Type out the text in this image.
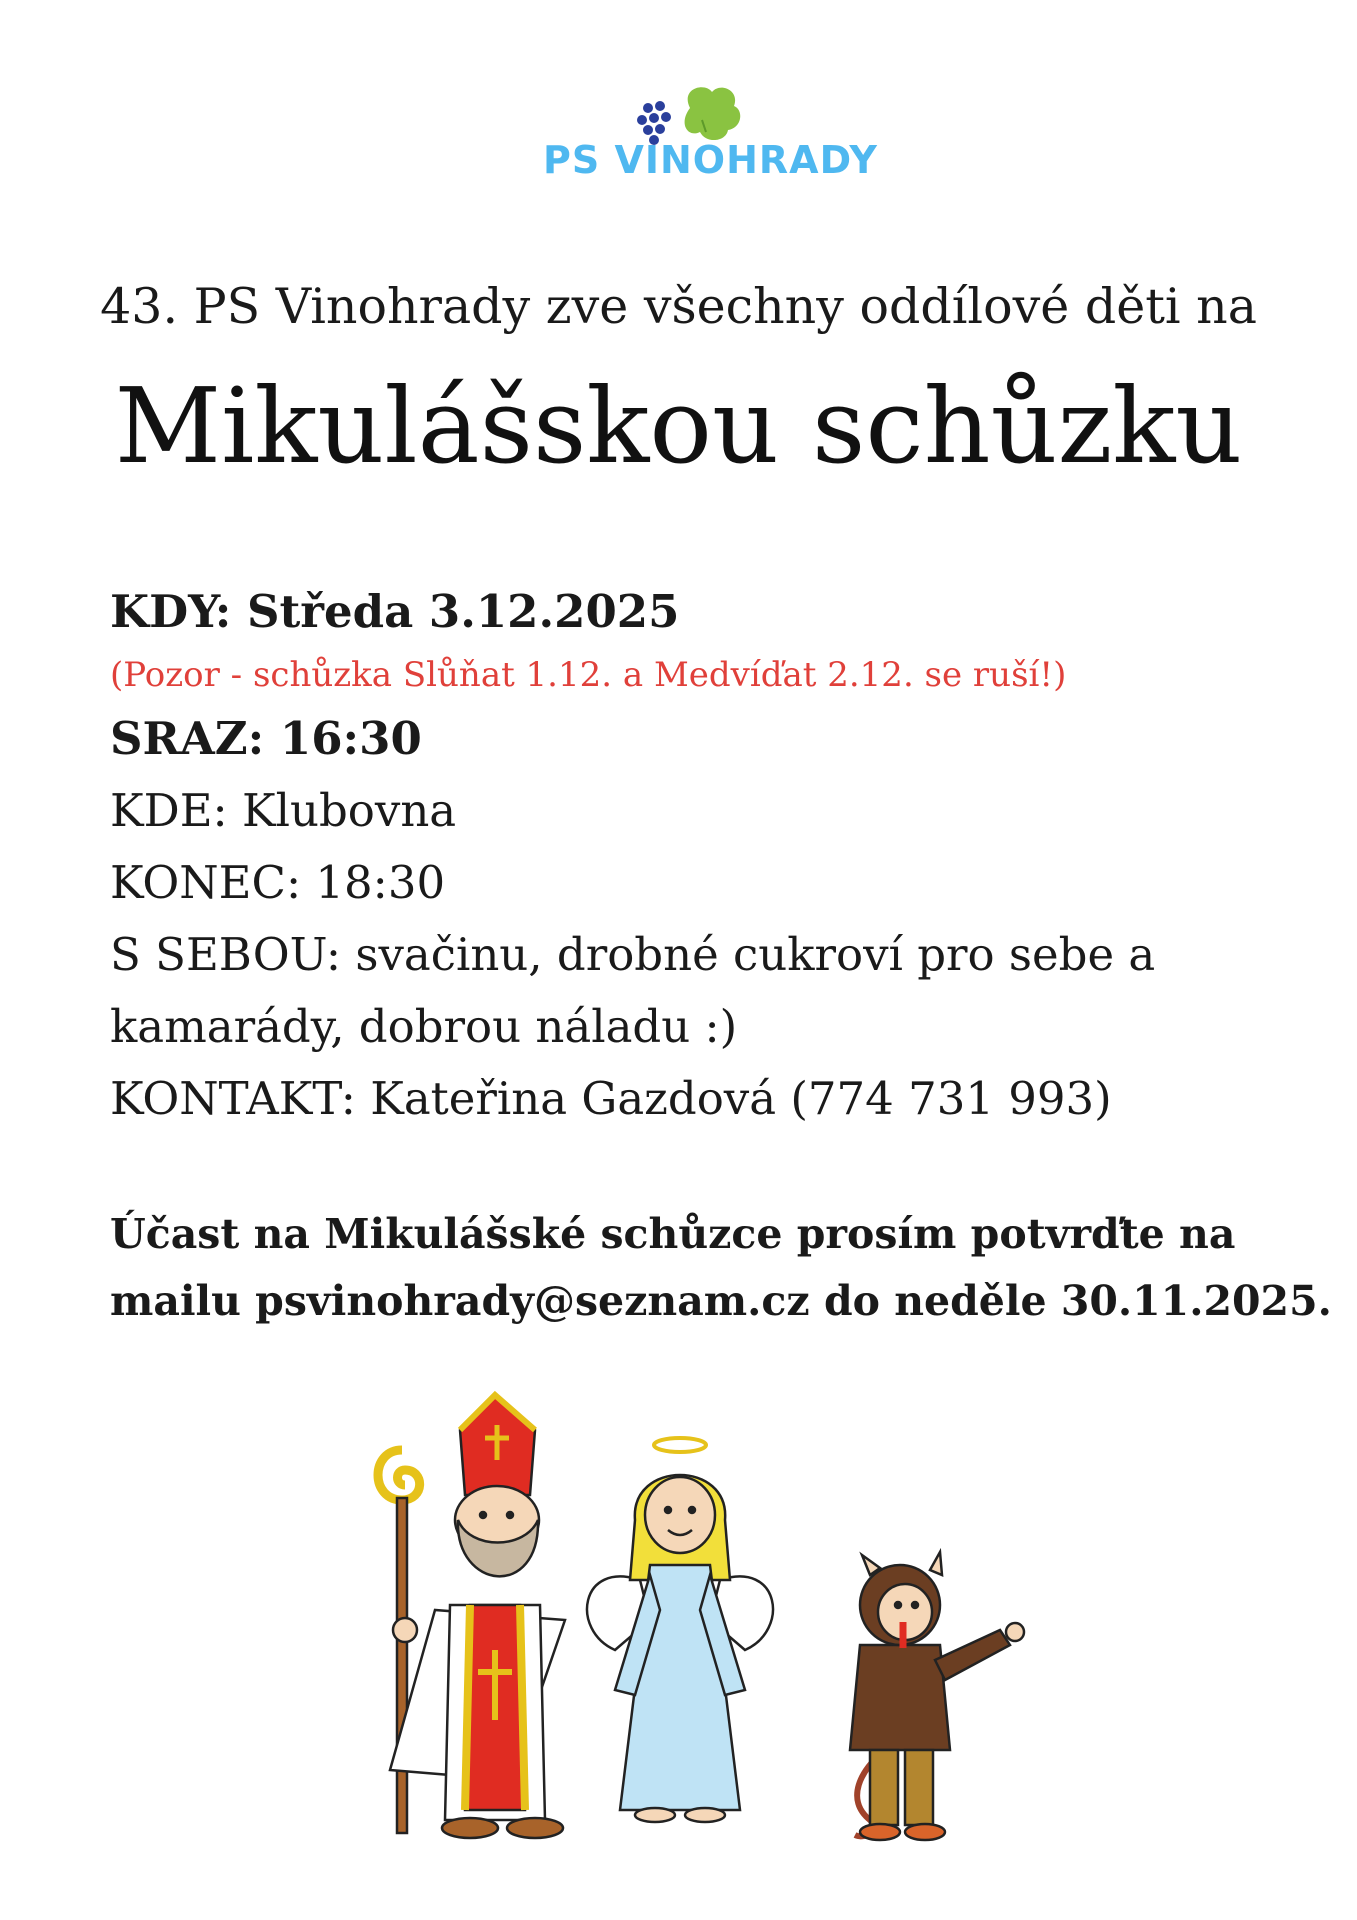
PS VINOHRADY
43. PS Vinohrady zve všechny oddílové děti na
Mikulášskou schůzku
KDY: Středa 3.12.2025
(Pozor - schůzka Slůňat 1.12. a Medvíďat 2.12. se ruší!)
SRAZ: 16:30
KDE: Klubovna
KONEC: 18:30
S SEBOU: svačinu, drobné cukroví pro sebe a
kamarády, dobrou náladu :)
KONTAKT: Kateřina Gazdová (774 731 993)
Účast na Mikulášské schůzce prosím potvrďte na
mailu psvinohrady@seznam.cz do neděle 30.11.2025.
